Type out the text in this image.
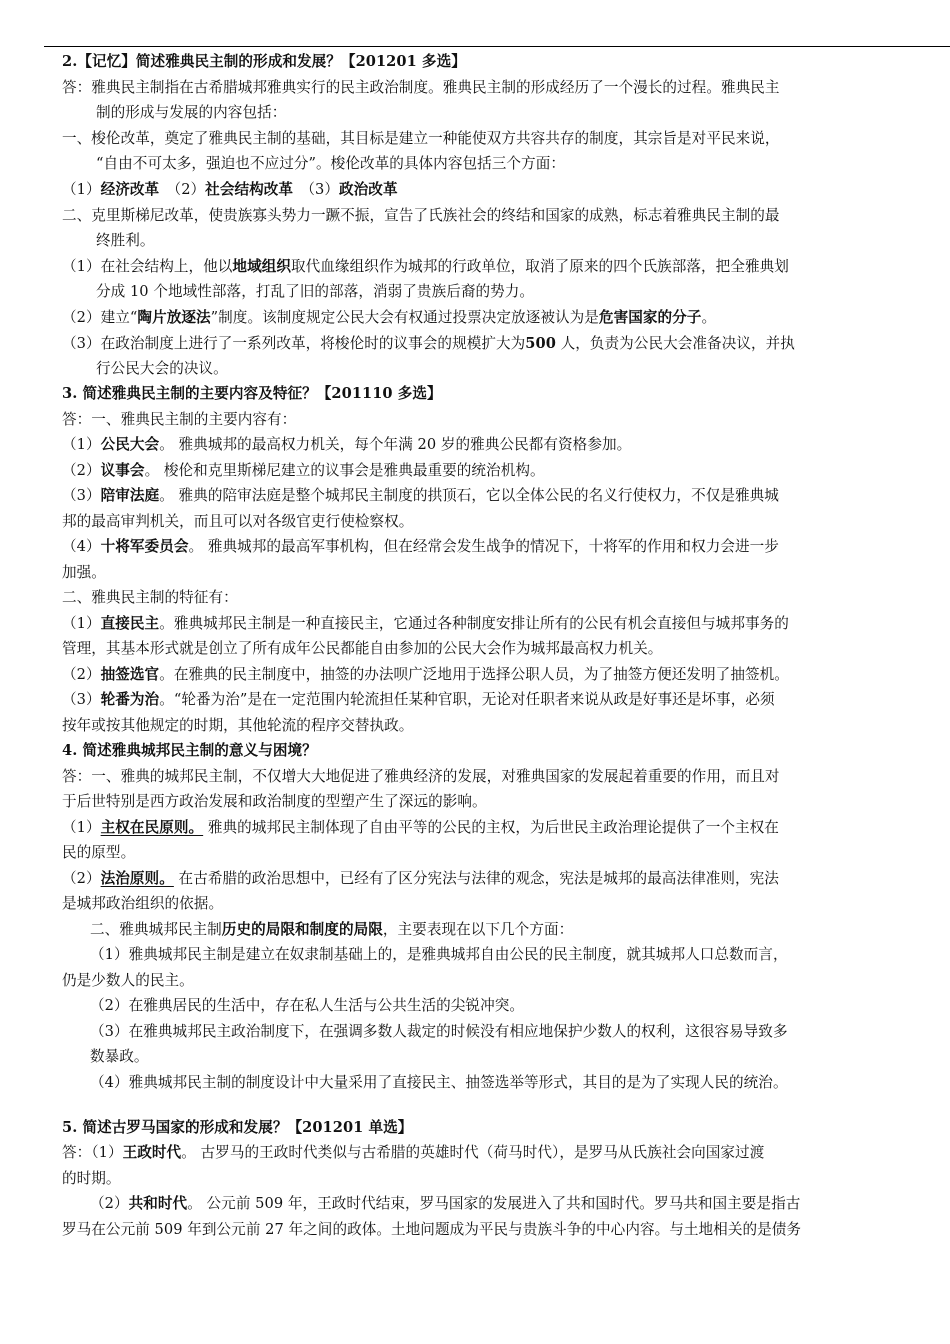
2.【记忆】简述雅典民主制的形成和发展？【201201 多选】
答：雅典民主制指在古希腊城邦雅典实行的民主政治制度。雅典民主制的形成经历了一个漫长的过程。雅典民主
制的形成与发展的内容包括：
一、梭伦改革，奠定了雅典民主制的基础，其目标是建立一种能使双方共容共存的制度，其宗旨是对平民来说，
“自由不可太多，强迫也不应过分”。梭伦改革的具体内容包括三个方面：
（1）经济改革　（2）社会结构改革　（3）政治改革
二、克里斯梯尼改革，使贵族寡头势力一蹶不振，宣告了氏族社会的终结和国家的成熟，标志着雅典民主制的最
终胜利。
（1）在社会结构上，他以地域组织取代血缘组织作为城邦的行政单位，取消了原来的四个氏族部落，把全雅典划
分成 10 个地域性部落，打乱了旧的部落，消弱了贵族后裔的势力。
（2）建立“陶片放逐法”制度。该制度规定公民大会有权通过投票决定放逐被认为是危害国家的分子。
（3）在政治制度上进行了一系列改革，将梭伦时的议事会的规模扩大为500 人，负责为公民大会准备决议，并执
行公民大会的决议。
3. 简述雅典民主制的主要内容及特征？【201110 多选】
答：一、雅典民主制的主要内容有：
（1）公民大会。 雅典城邦的最高权力机关，每个年满 20 岁的雅典公民都有资格参加。
（2）议事会。 梭伦和克里斯梯尼建立的议事会是雅典最重要的统治机构。
（3）陪审法庭。 雅典的陪审法庭是整个城邦民主制度的拱顶石，它以全体公民的名义行使权力，不仅是雅典城
邦的最高审判机关，而且可以对各级官吏行使检察权。
（4）十将军委员会。 雅典城邦的最高军事机构，但在经常会发生战争的情况下，十将军的作用和权力会进一步
加强。
二、雅典民主制的特征有：
（1）直接民主。雅典城邦民主制是一种直接民主，它通过各种制度安排让所有的公民有机会直接但与城邦事务的
管理，其基本形式就是创立了所有成年公民都能自由参加的公民大会作为城邦最高权力机关。
（2）抽签选官。在雅典的民主制度中，抽签的办法呗广泛地用于选择公职人员，为了抽签方便还发明了抽签机。
（3）轮番为治。“轮番为治”是在一定范围内轮流担任某种官职，无论对任职者来说从政是好事还是坏事，必须
按年或按其他规定的时期，其他轮流的程序交替执政。
4. 简述雅典城邦民主制的意义与困境？
答：一、雅典的城邦民主制，不仅增大大地促进了雅典经济的发展，对雅典国家的发展起着重要的作用，而且对
于后世特别是西方政治发展和政治制度的型塑产生了深远的影响。
（1）主权在民原则。 雅典的城邦民主制体现了自由平等的公民的主权，为后世民主政治理论提供了一个主权在
民的原型。
（2）法治原则。 在古希腊的政治思想中，已经有了区分宪法与法律的观念，宪法是城邦的最高法律准则，宪法
是城邦政治组织的依据。
二、雅典城邦民主制历史的局限和制度的局限，主要表现在以下几个方面：
（1）雅典城邦民主制是建立在奴隶制基础上的，是雅典城邦自由公民的民主制度，就其城邦人口总数而言，
仍是少数人的民主。
（2）在雅典居民的生活中，存在私人生活与公共生活的尖锐冲突。
（3）在雅典城邦民主政治制度下，在强调多数人裁定的时候没有相应地保护少数人的权利，这很容易导致多
数暴政。
（4）雅典城邦民主制的制度设计中大量采用了直接民主、抽签选举等形式，其目的是为了实现人民的统治。
5. 简述古罗马国家的形成和发展？【201201 单选】
答：（1）王政时代。 古罗马的王政时代类似与古希腊的英雄时代（荷马时代），是罗马从氏族社会向国家过渡
的时期。
（2）共和时代。 公元前 509 年，王政时代结束，罗马国家的发展进入了共和国时代。罗马共和国主要是指古
罗马在公元前 509 年到公元前 27 年之间的政体。土地问题成为平民与贵族斗争的中心内容。与土地相关的是债务
